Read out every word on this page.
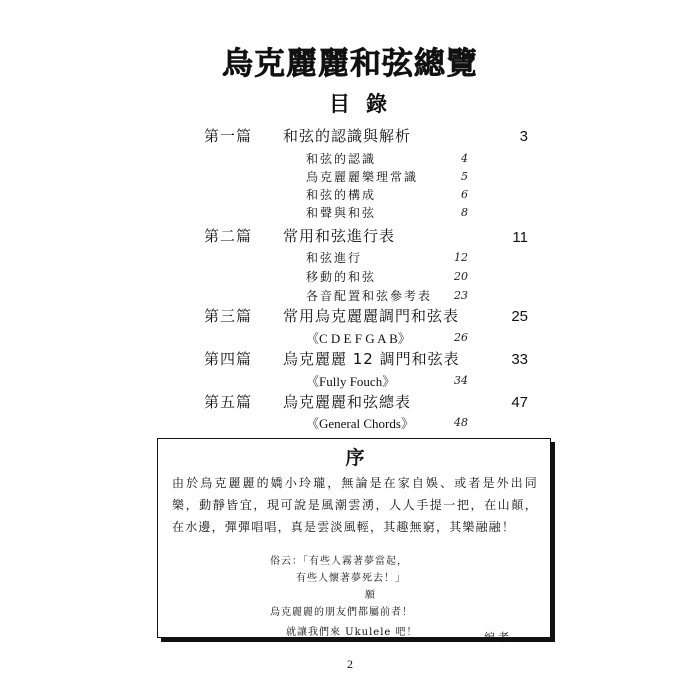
烏克麗麗和弦總覽
目錄
第一篇 和弦的認識與解析	3
和弦的認識	4
烏克麗麗樂理常識	5
和弦的構成	6
和聲與和弦	8
第二篇 常用和弦進行表	11
和弦進行	12
移動的和弦	20
各音配置和弦參考表 23
第三篇 常用烏克麗麗調門和弦表	25
《C D E F G A B》	26
第四篇 烏克麗麗 12 調門和弦表	33
《Fully Fouch》	34
第五篇 烏克麗麗和弦總表	47
《General Chords》	48
序
由於烏克麗麗的嬌小玲瓏，無論是在家自娛、或者是外出同樂，動靜皆宜，現可說是風潮雲湧，人人手提一把，在山顛，在水邊，彈彈唱唱，真是雲淡風輕，其趣無窮，其樂融融！
俗云：「有些人霧著夢當起，
有些人懷著夢死去！」
願
烏克麗麗的朋友們都屬前者！
就讓我們來 Ukulele 吧！	編者
2
